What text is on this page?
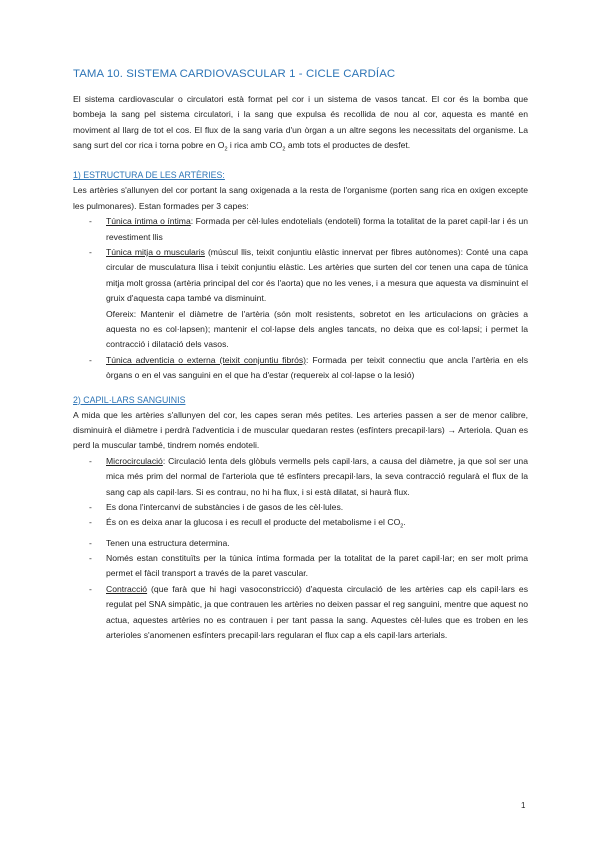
TAMA 10. SISTEMA CARDIOVASCULAR 1 - CICLE CARDÍAC

El sistema cardiovascular o circulatori està format pel cor i un sistema de vasos tancat. El cor és la bomba que bombeja la sang pel sistema circulatori, i la sang que expulsa és recollida de nou al cor, aquesta es manté en moviment al llarg de tot el cos. El flux de la sang varia d'un òrgan a un altre segons les necessitats del organisme. La sang surt del cor rica i torna pobre en $O_2$ i rica amb $CO_2$ amb tots el productes de desfet.

1) ESTRUCTURA DE LES ARTÈRIES:

Les artèries s'allunyen del cor portant la sang oxigenada a la resta de l'organisme (porten sang rica en oxigen excepte les pulmonares). Estan formades per 3 capes:

- Túnica íntima o íntima: Formada per cèl·lules endotelials (endoteli) forma la totalitat de la paret capil·lar i és un revestiment llis
- Túnica mitja o muscularis (múscul llis, teixit conjuntiu elàstic innervat per fibres autònomes): Conté una capa circular de musculatura llisa i teixit conjuntiu elàstic. Les artèries que surten del cor tenen una capa de túnica mitja molt grossa (artèria principal del cor és l'aorta) que no les venes, i a mesura que aquesta va disminuint el gruix d'aquesta capa també va disminuint.
Ofereix: Mantenir el diàmetre de l'artèria (són molt resistents, sobretot en les articulacions on gràcies a aquesta no es col·lapsen); mantenir el col·lapse dels angles tancats, no deixa que es col·lapsi; i permet la contracció i dilatació dels vasos.
- Túnica adventicia o externa (teixit conjuntiu fibrós): Formada per teixit connectiu que ancla l'artèria en els òrgans o en el vas sanguini en el que ha d'estar (requereix al col·lapse o la lesió)
2) CAPIL·LARS SANGUINIS

A mida que les artèries s'allunyen del cor, les capes seran més petites. Les arteries passen a ser de menor calibre, disminuirà el diàmetre i perdrà l'adventicia i de muscular quedaran restes (esfínters precapil·lars) → Arteriola. Quan es perd la muscular també, tindrem només endoteli.

- Microcirculació: Circulació lenta dels glòbuls vermells pels capil·lars, a causa del diàmetre, ja que sol ser una mica més prim del normal de l'arteriola que té esfínters precapil·lars, la seva contracció regularà el flux de la sang cap als capil·lars. Si es contrau, no hi ha flux, i si està dilatat, si haurà flux.
- Es dona l'intercanvi de substàncies i de gasos de les cèl·lules.
- És on es deixa anar la glucosa i es recull el producte del metabolisme i el $CO_2$.
- Tenen una estructura determina.
- Només estan constituïts per la túnica íntima formada per la totalitat de la paret capil·lar; en ser molt prima permet el fàcil transport a través de la paret vascular.
- Contracció (que farà que hi hagi vasoconstricció) d'aquesta circulació de les artèries cap els capil·lars es regulat pel SNA simpàtic, ja que contrauen les artèries no deixen passar el reg sanguini, mentre que aquest no actua, aquestes artèries no es contrauen i per tant passa la sang. Aquestes cèl·lules que es troben en les arterioles s'anomenen esfínters precapil·lars regularan el flux cap a els capil·lars arterials.
1
